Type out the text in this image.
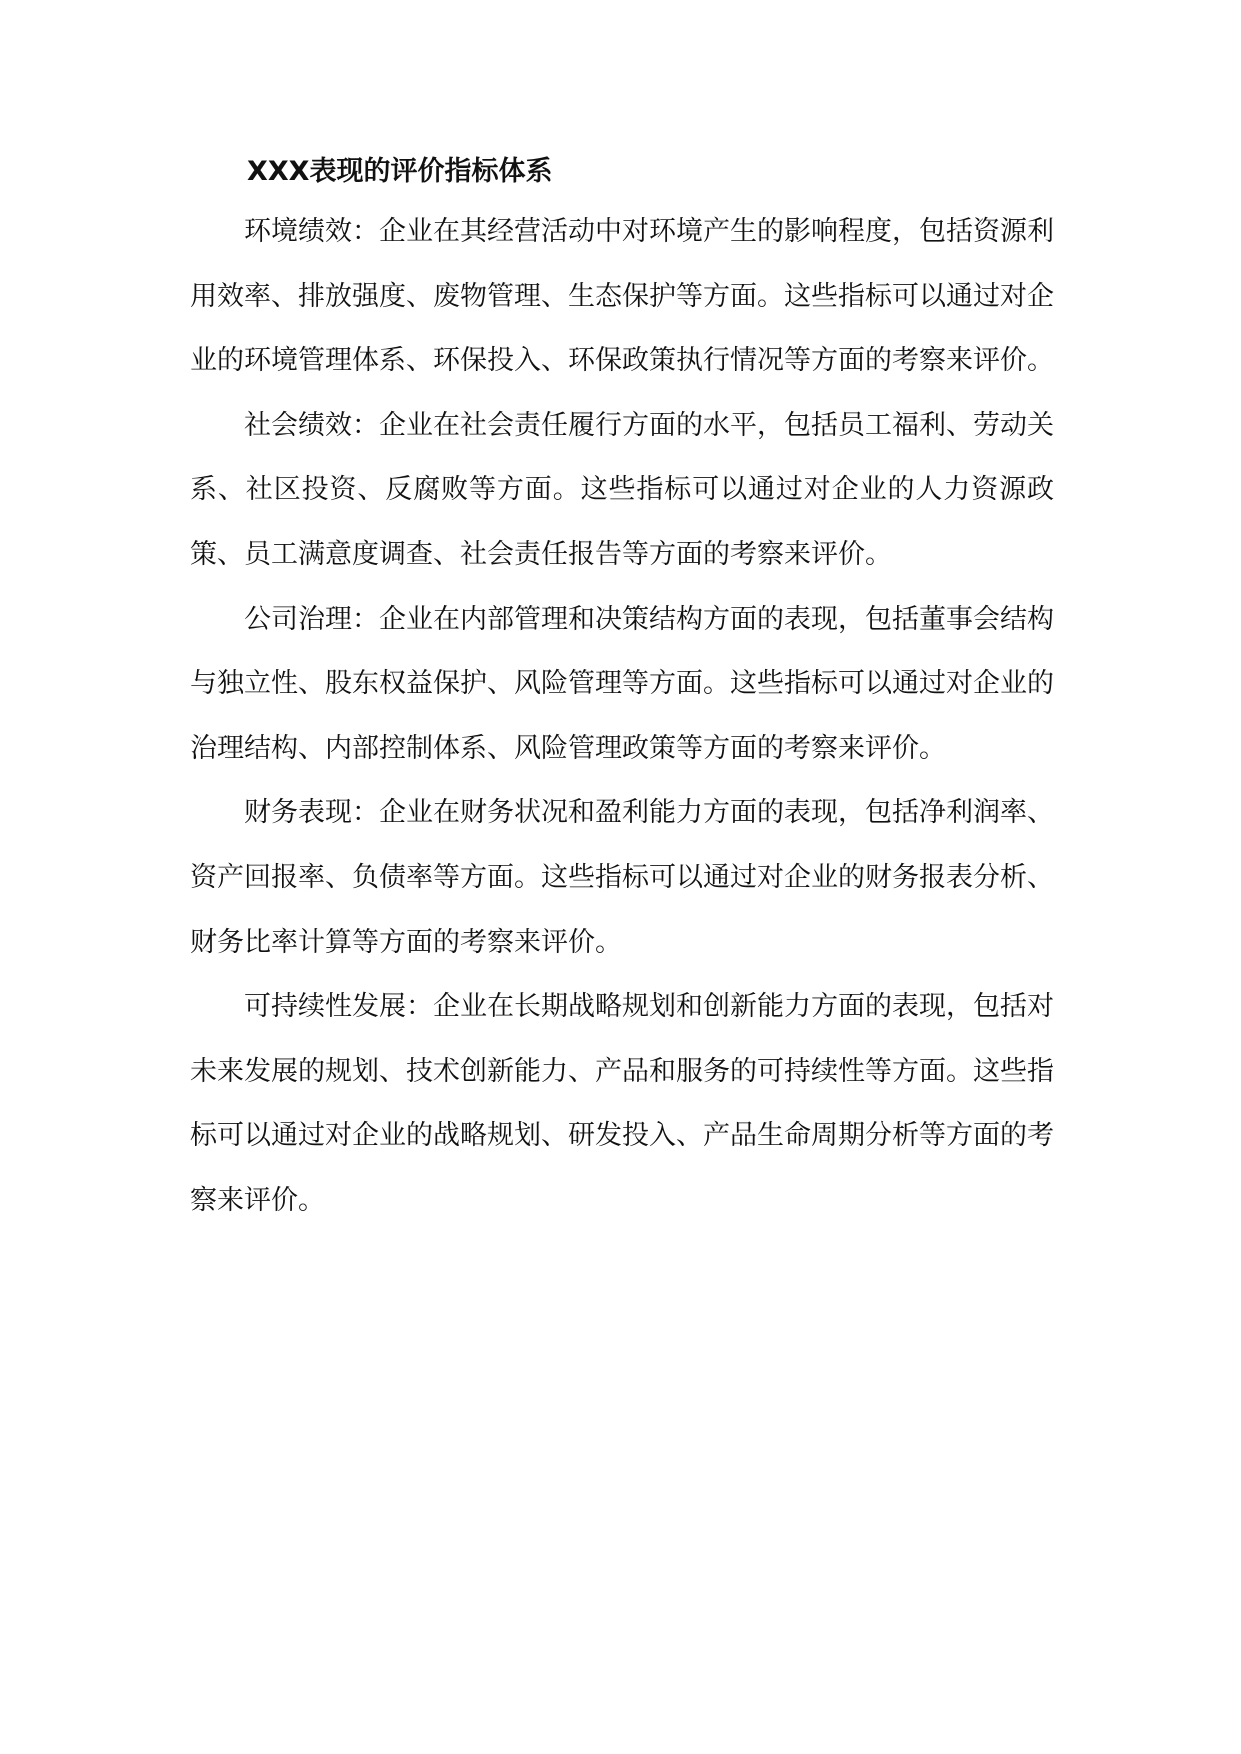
XXX表现的评价指标体系

环境绩效：企业在其经营活动中对环境产生的影响程度，包括资源利用效率、排放强度、废物管理、生态保护等方面。这些指标可以通过对企业的环境管理体系、环保投入、环保政策执行情况等方面的考察来评价。

社会绩效：企业在社会责任履行方面的水平，包括员工福利、劳动关系、社区投资、反腐败等方面。这些指标可以通过对企业的人力资源政策、员工满意度调查、社会责任报告等方面的考察来评价。

公司治理：企业在内部管理和决策结构方面的表现，包括董事会结构与独立性、股东权益保护、风险管理等方面。这些指标可以通过对企业的治理结构、内部控制体系、风险管理政策等方面的考察来评价。

财务表现：企业在财务状况和盈利能力方面的表现，包括净利润率、资产回报率、负债率等方面。这些指标可以通过对企业的财务报表分析、财务比率计算等方面的考察来评价。

可持续性发展：企业在长期战略规划和创新能力方面的表现，包括对未来发展的规划、技术创新能力、产品和服务的可持续性等方面。这些指标可以通过对企业的战略规划、研发投入、产品生命周期分析等方面的考察来评价。
